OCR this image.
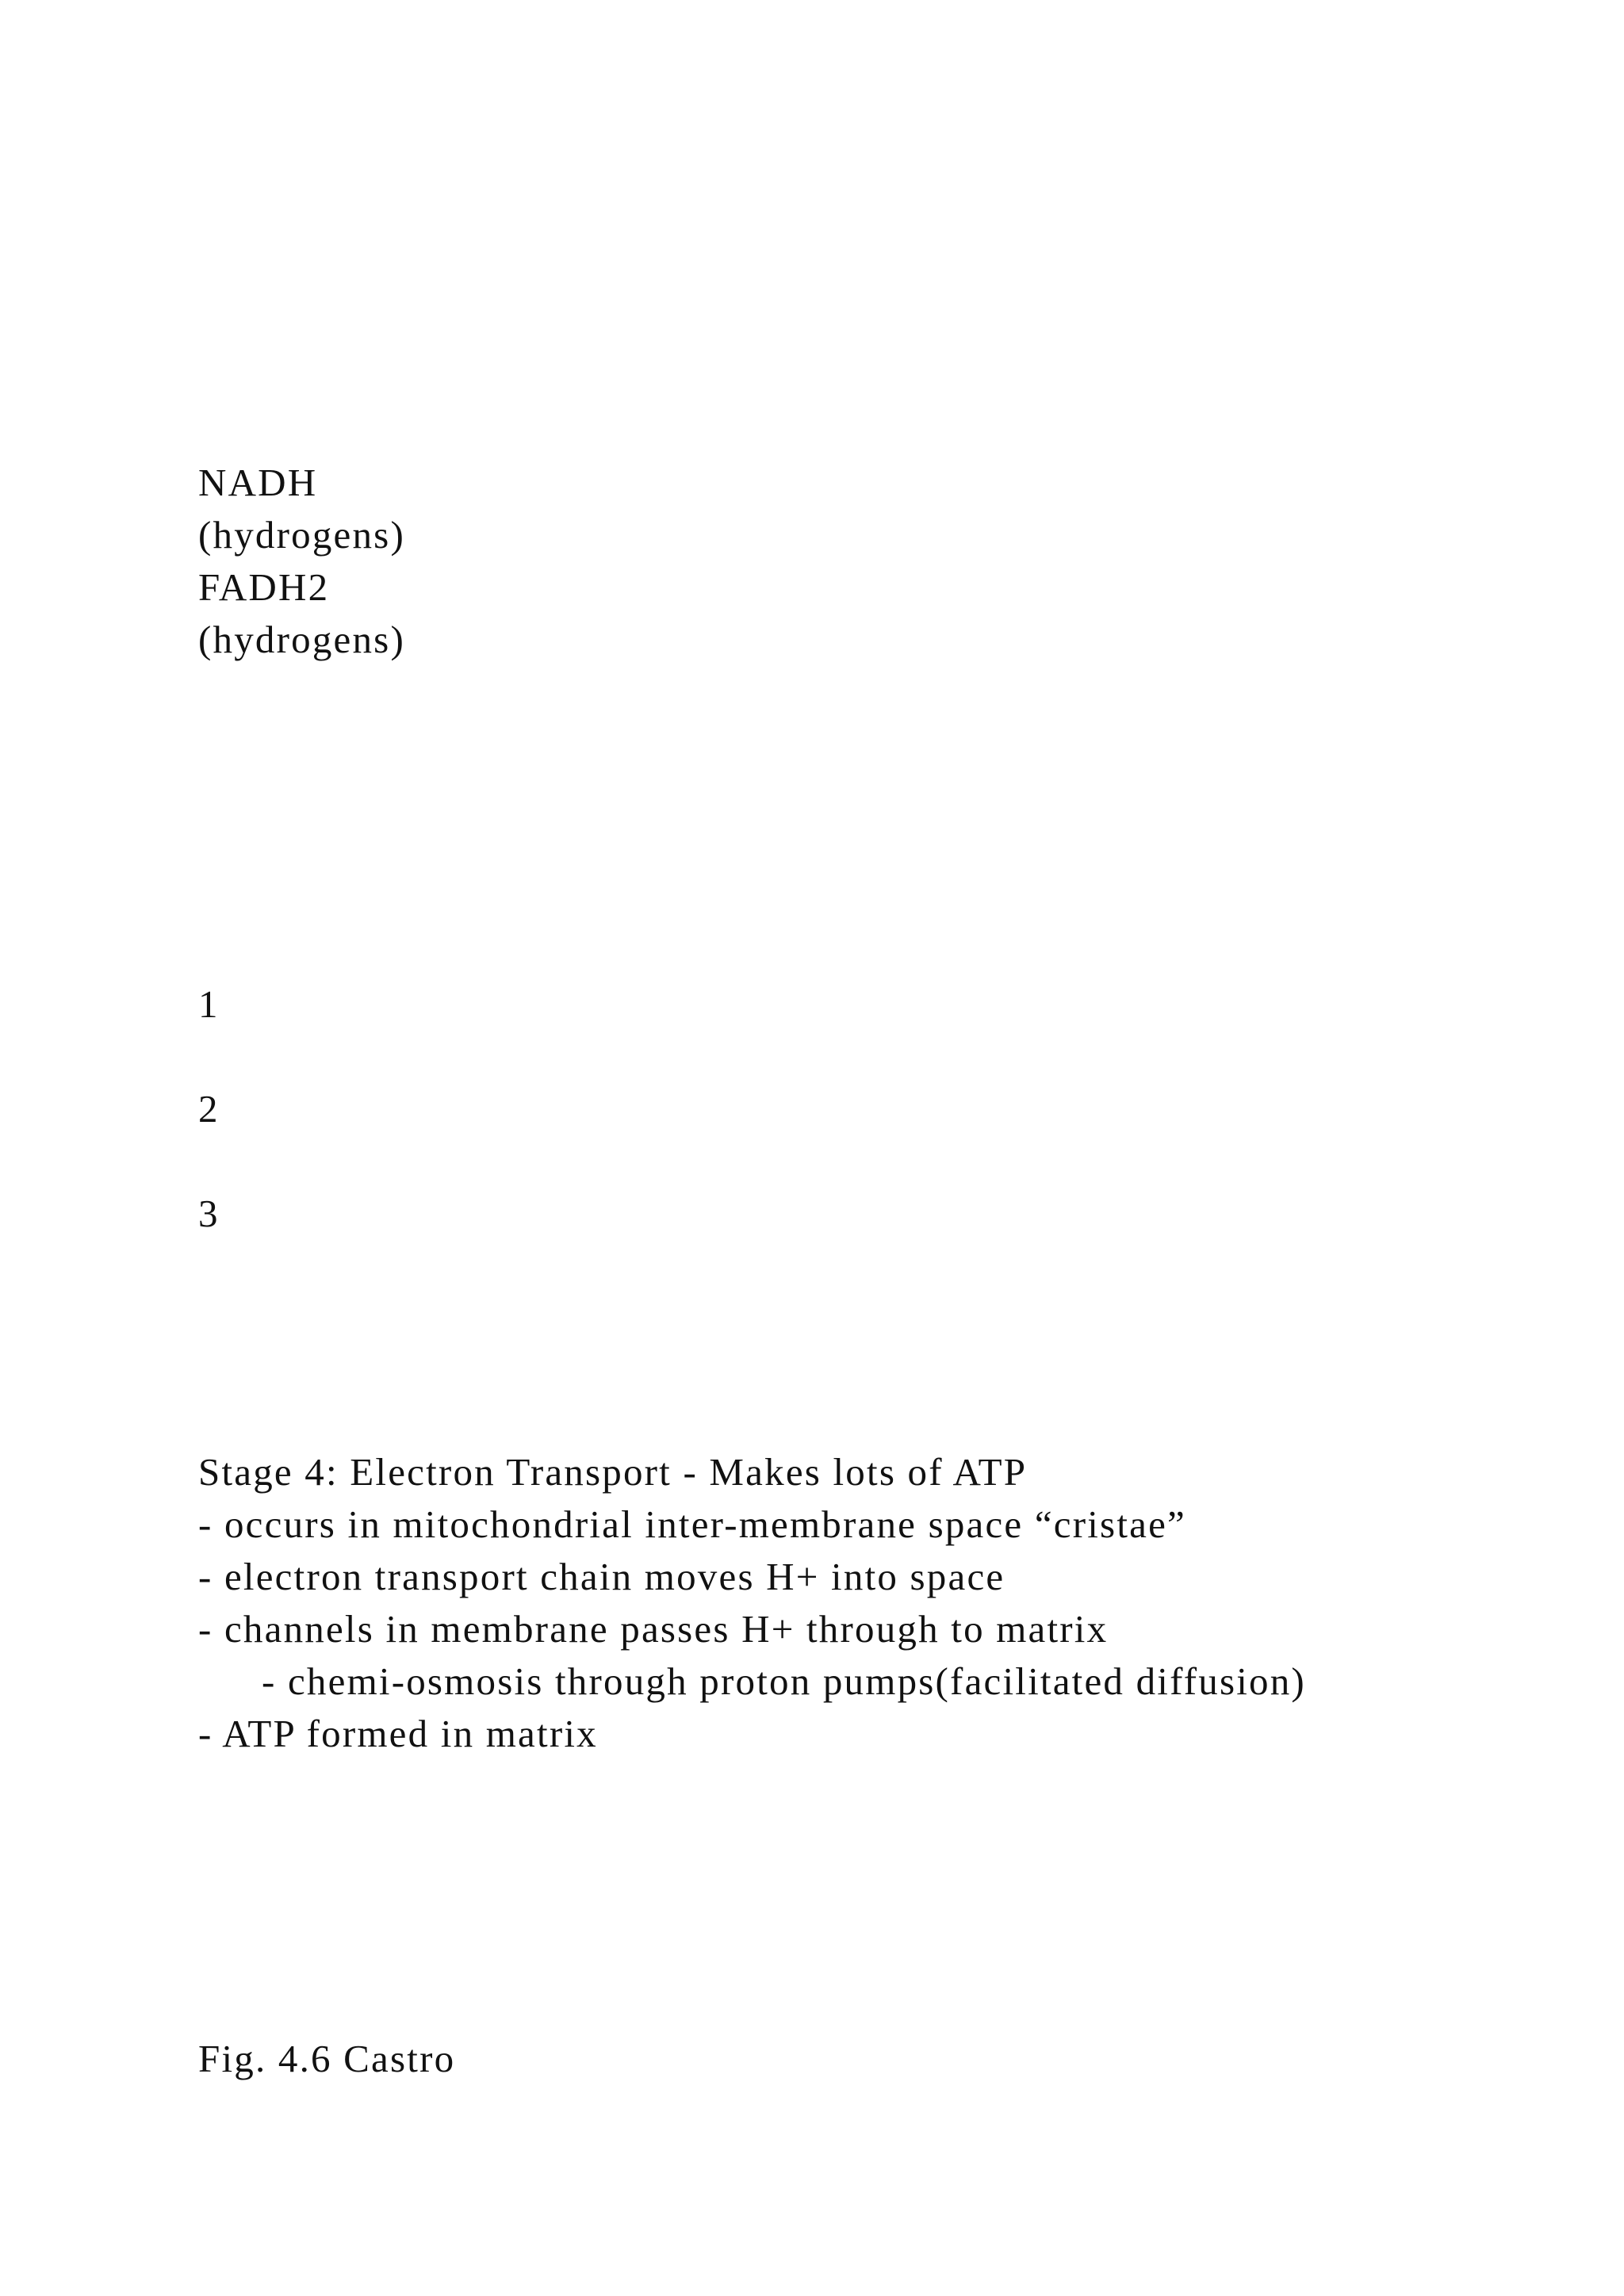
NADH

(hydrogens)

FADH2

(hydrogens)

1

2

3

Stage 4: Electron Transport - Makes lots of ATP

- occurs in mitochondrial inter-membrane space “cristae”

- electron transport chain moves H+ into space

- channels in membrane passes H+ through to matrix

- chemi-osmosis through proton pumps(facilitated diffusion)

- ATP formed in matrix

Fig. 4.6 Castro
